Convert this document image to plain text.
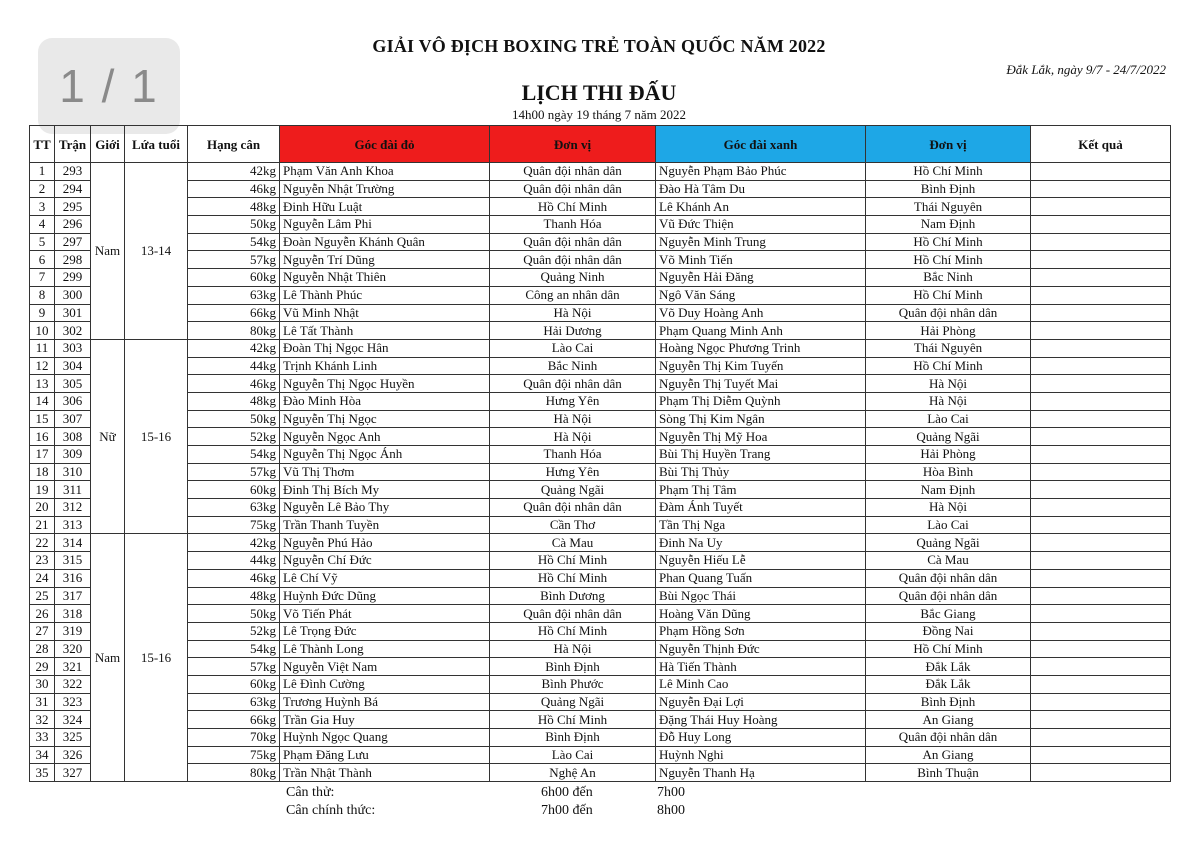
1 / 1
GIẢI VÔ ĐỊCH BOXING TRẺ TOÀN QUỐC NĂM 2022
Đắk Lắk, ngày 9/7 - 24/7/2022
LỊCH THI ĐẤU
14h00 ngày 19 tháng 7 năm 2022
TT	Trận	Giới	Lứa tuổi	Hạng cân	Góc đài đỏ	Đơn vị	Góc đài xanh	Đơn vị	Kết quả
1	293	Nam	13-14	42kg	Phạm Văn Anh Khoa	Quân đội nhân dân	Nguyễn Phạm Bảo Phúc	Hồ Chí Minh	
2	294			46kg	Nguyễn Nhật Trường	Quân đội nhân dân	Đào Hà Tâm Du	Bình Định	
3	295			48kg	Đinh Hữu Luật	Hồ Chí Minh	Lê Khánh An	Thái Nguyên	
4	296			50kg	Nguyễn Lâm Phi	Thanh Hóa	Vũ Đức Thiện	Nam Định	
5	297			54kg	Đoàn Nguyễn Khánh Quân	Quân đội nhân dân	Nguyễn Minh Trung	Hồ Chí Minh	
6	298			57kg	Nguyễn Trí Dũng	Quân đội nhân dân	Võ Minh Tiến	Hồ Chí Minh	
7	299			60kg	Nguyễn Nhật Thiên	Quảng Ninh	Nguyễn Hải Đăng	Bắc Ninh	
8	300			63kg	Lê Thành Phúc	Công an nhân dân	Ngô Văn Sáng	Hồ Chí Minh	
9	301			66kg	Vũ Minh Nhật	Hà Nội	Võ Duy Hoàng Anh	Quân đội nhân dân	
10	302			80kg	Lê Tất Thành	Hải Dương	Phạm Quang Minh Anh	Hải Phòng	
11	303	Nữ	15-16	42kg	Đoàn Thị Ngọc Hân	Lào Cai	Hoàng Ngọc Phương Trinh	Thái Nguyên	
12	304			44kg	Trịnh Khánh Linh	Bắc Ninh	Nguyễn Thị Kim Tuyến	Hồ Chí Minh	
13	305			46kg	Nguyễn Thị Ngọc Huyền	Quân đội nhân dân	Nguyễn Thị Tuyết Mai	Hà Nội	
14	306			48kg	Đào Minh Hòa	Hưng Yên	Phạm Thị Diễm Quỳnh	Hà Nội	
15	307			50kg	Nguyễn Thị Ngọc	Hà Nội	Sòng Thị Kim Ngân	Lào Cai	
16	308			52kg	Nguyễn Ngọc Anh	Hà Nội	Nguyễn Thị Mỹ Hoa	Quảng Ngãi	
17	309			54kg	Nguyễn Thị Ngọc Ánh	Thanh Hóa	Bùi Thị Huyền Trang	Hải Phòng	
18	310			57kg	Vũ Thị Thơm	Hưng Yên	Bùi Thị Thủy	Hòa Bình	
19	311			60kg	Đinh Thị Bích My	Quảng Ngãi	Phạm Thị Tâm	Nam Định	
20	312			63kg	Nguyễn Lê Bảo Thy	Quân đội nhân dân	Đàm Ánh Tuyết	Hà Nội	
21	313			75kg	Trần Thanh Tuyền	Cần Thơ	Tần Thị Nga	Lào Cai	
22	314	Nam	15-16	42kg	Nguyễn Phú Hảo	Cà Mau	Đinh Na Uy	Quảng Ngãi	
23	315			44kg	Nguyễn Chí Đức	Hồ Chí Minh	Nguyễn Hiếu Lễ	Cà Mau	
24	316			46kg	Lê Chí Vỹ	Hồ Chí Minh	Phan Quang Tuấn	Quân đội nhân dân	
25	317			48kg	Huỳnh Đức Dũng	Bình Dương	Bùi Ngọc Thái	Quân đội nhân dân	
26	318			50kg	Võ Tiến Phát	Quân đội nhân dân	Hoàng Văn Dũng	Bắc Giang	
27	319			52kg	Lê Trọng Đức	Hồ Chí Minh	Phạm Hồng Sơn	Đồng Nai	
28	320			54kg	Lê Thành Long	Hà Nội	Nguyễn Thịnh Đức	Hồ Chí Minh	
29	321			57kg	Nguyễn Việt Nam	Bình Định	Hà Tiến Thành	Đắk Lắk	
30	322			60kg	Lê Đình Cường	Bình Phước	Lê Minh Cao	Đắk Lắk	
31	323			63kg	Trương Huỳnh Bá	Quảng Ngãi	Nguyễn Đại Lợi	Bình Định	
32	324			66kg	Trần Gia Huy	Hồ Chí Minh	Đặng Thái Huy Hoàng	An Giang	
33	325			70kg	Huỳnh Ngọc Quang	Bình Định	Đỗ Huy Long	Quân đội nhân dân	
34	326			75kg	Phạm Đăng Lưu	Lào Cai	Huỳnh Nghi	An Giang	
35	327			80kg	Trần Nhật Thành	Nghệ An	Nguyễn Thanh Hạ	Bình Thuận	
Cân thử:	6h00 đến	7h00
Cân chính thức:	7h00 đến	8h00
